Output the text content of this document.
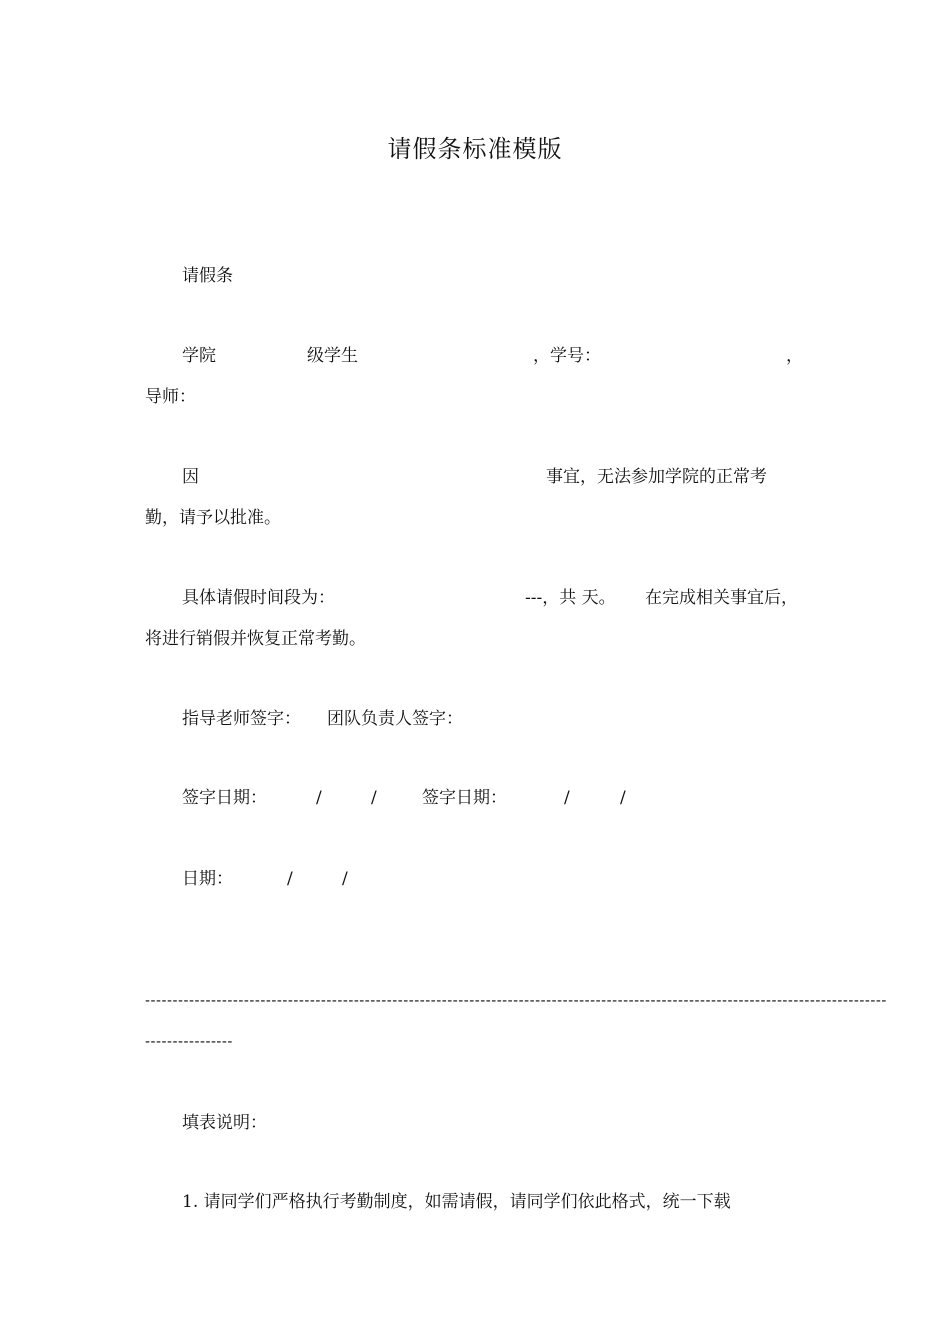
请假条标准模版
请假条
学院	级学生	，学号：	，
导师：
因	事宜，无法参加学院的正常考
勤，请予以批准。
具体请假时间段为：	---，共 天。 在完成相关事宜后，
将进行销假并恢复正常考勤。
指导老师签字： 团队负责人签字：
签字日期：	/	/	签字日期：	/	/
日期：	/	/
---------------------------------------------------------------------------------------------------------------------------------------
----------------
填表说明：
1. 请同学们严格执行考勤制度，如需请假，请同学们依此格式，统一下载
